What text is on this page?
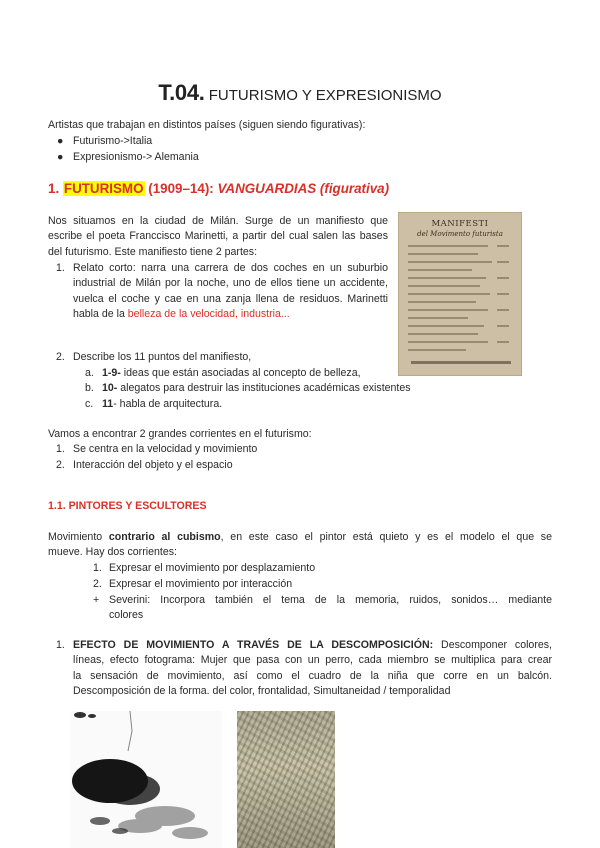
T.04. FUTURISMO Y EXPRESIONISMO
Artistas que trabajan en distintos países (siguen siendo figurativas):
● Futurismo->Italia
● Expresionismo-> Alemania
1. FUTURISMO (1909–14): VANGUARDIAS (figurativa)
Nos situamos en la ciudad de Milán. Surge de un manifiesto que
escribe el poeta Franccisco Marinetti, a partir del cual salen las bases
del futurismo. Este manifiesto tiene 2 partes:
MANIFESTI
del Movimento futurista
1. Relato corto: narra una carrera de dos coches en un suburbio
industrial de Milán por la noche, uno de ellos tiene un accidente,
vuelca el coche y cae en una zanja llena de residuos. Marinetti
habla de la belleza de la velocidad, industria...
2. Describe los 11 puntos del manifiesto,
a. 1-9- ideas que están asociadas al concepto de belleza,
b. 10- alegatos para destruir las instituciones académicas existentes
c. 11- habla de arquitectura.
Vamos a encontrar 2 grandes corrientes en el futurismo:
1. Se centra en la velocidad y movimiento
2. Interacción del objeto y el espacio
1.1. PINTORES Y ESCULTORES
Movimiento contrario al cubismo, en este caso el pintor está quieto y es el modelo el que se
mueve. Hay dos corrientes:
1. Expresar el movimiento por desplazamiento
2. Expresar el movimiento por interacción
+ Severini: Incorpora también el tema de la memoria, ruidos, sonidos… mediante
colores
1. EFECTO DE MOVIMIENTO A TRAVÉS DE LA DESCOMPOSICIÓN: Descomponer colores,
líneas, efecto fotograma: Mujer que pasa con un perro, cada miembro se multiplica para crear
la sensación de movimiento, así como el cuadro de la niña que corre en un balcón.
Descomposición de la forma. del color, frontalidad, Simultaneidad / temporalidad
